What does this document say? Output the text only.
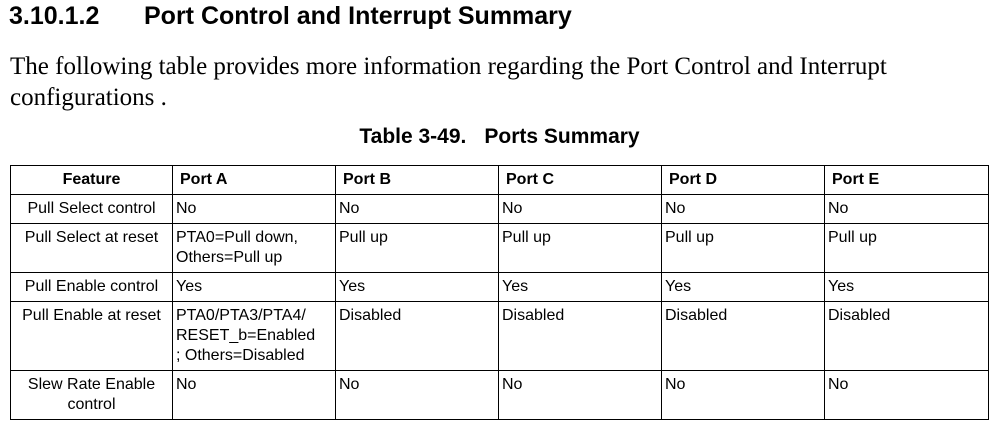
3.10.1.2 Port Control and Interrupt Summary

The following table provides more information regarding the Port Control and Interrupt configurations .

Table 3-49. Ports Summary
Feature	Port A	Port B	Port C	Port D	Port E

Pull Select control	No	No	No	No	No

Pull Select at reset	PTA0=Pull down,
Others=Pull up	Pull up	Pull up	Pull up	Pull up

Pull Enable control	Yes	Yes	Yes	Yes	Yes

Pull Enable at reset	PTA0/PTA3/PTA4/
RESET_b=Enabled
; Others=Disabled	Disabled	Disabled	Disabled	Disabled

Slew Rate Enable
control	No	No	No	No	No
